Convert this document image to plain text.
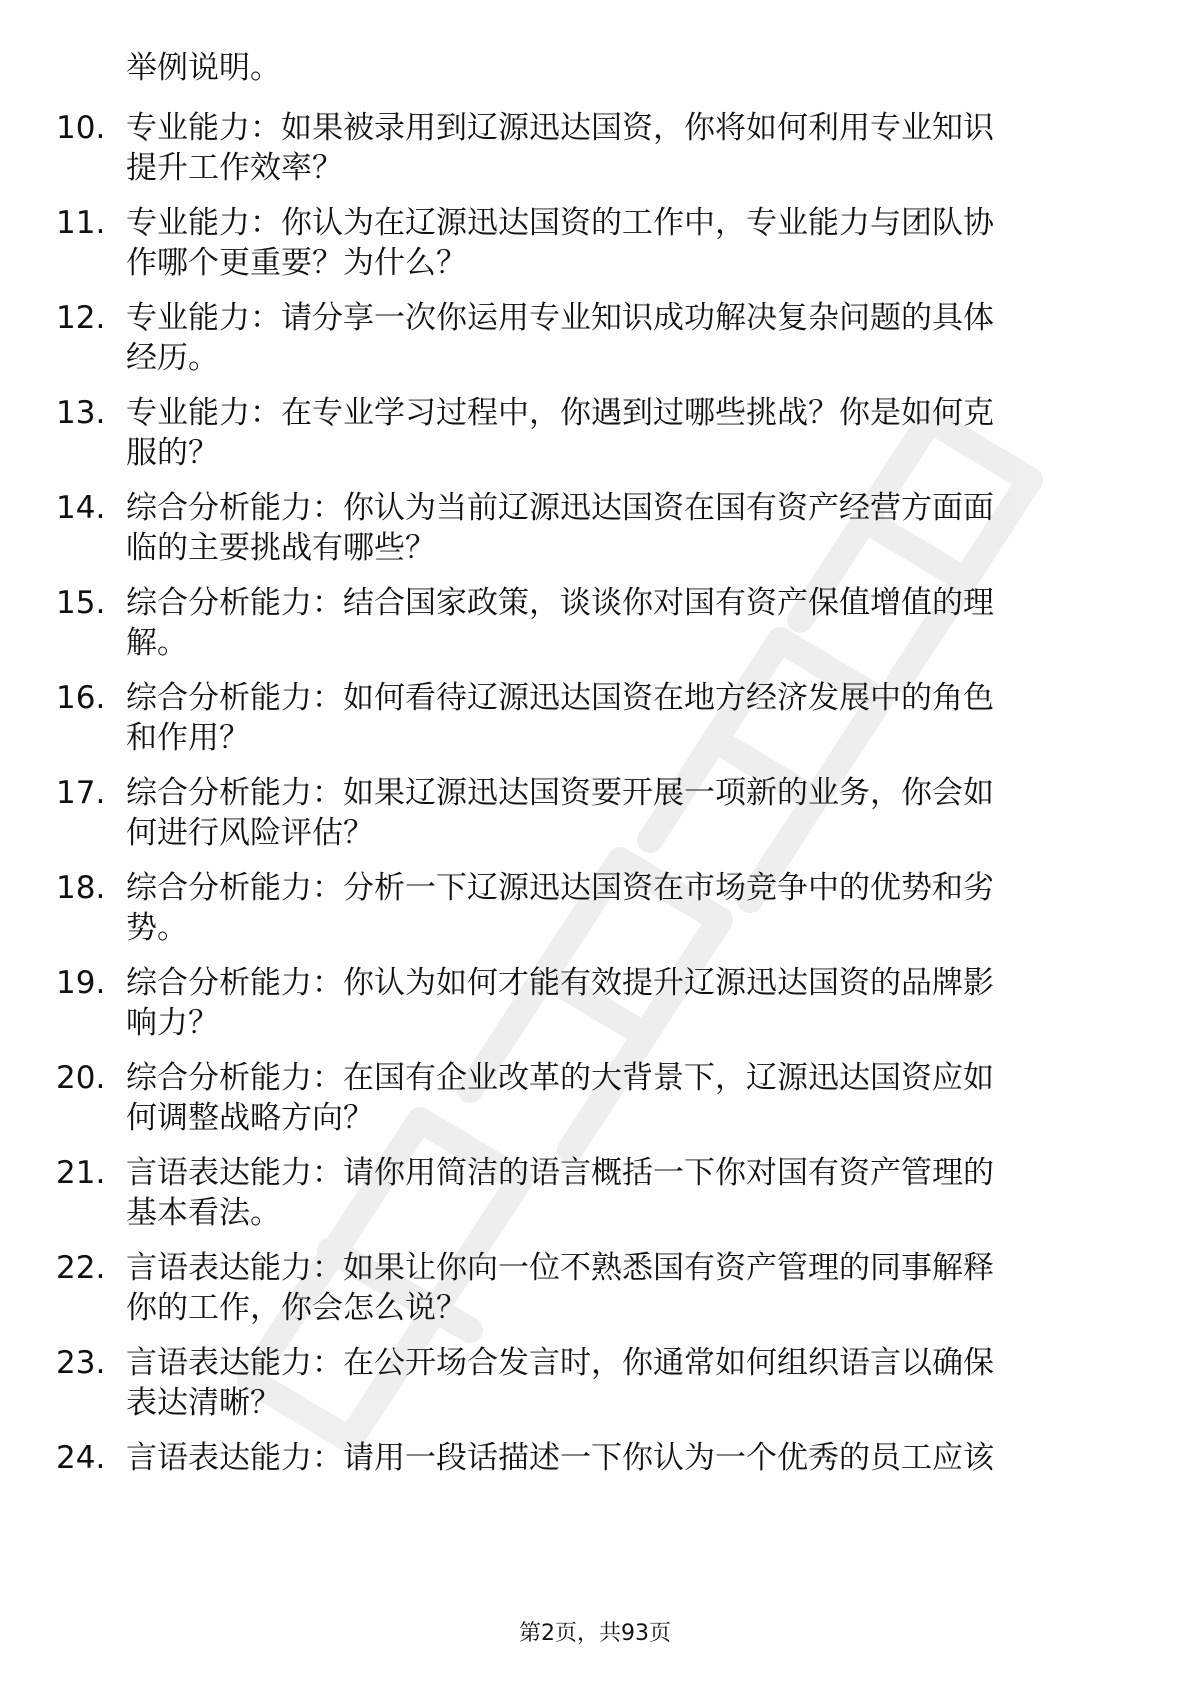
举例说明。
10. 专业能力：如果被录用到辽源迅达国资，你将如何利用专业知识
提升工作效率？
11. 专业能力：你认为在辽源迅达国资的工作中，专业能力与团队协
作哪个更重要？为什么？
12. 专业能力：请分享一次你运用专业知识成功解决复杂问题的具体
经历。
13. 专业能力：在专业学习过程中，你遇到过哪些挑战？你是如何克
服的？
14. 综合分析能力：你认为当前辽源迅达国资在国有资产经营方面面
临的主要挑战有哪些？
15. 综合分析能力：结合国家政策，谈谈你对国有资产保值增值的理
解。
16. 综合分析能力：如何看待辽源迅达国资在地方经济发展中的角色
和作用？
17. 综合分析能力：如果辽源迅达国资要开展一项新的业务，你会如
何进行风险评估？
18. 综合分析能力：分析一下辽源迅达国资在市场竞争中的优势和劣
势。
19. 综合分析能力：你认为如何才能有效提升辽源迅达国资的品牌影
响力？
20. 综合分析能力：在国有企业改革的大背景下，辽源迅达国资应如
何调整战略方向？
21. 言语表达能力：请你用简洁的语言概括一下你对国有资产管理的
基本看法。
22. 言语表达能力：如果让你向一位不熟悉国有资产管理的同事解释
你的工作，你会怎么说？
23. 言语表达能力：在公开场合发言时，你通常如何组织语言以确保
表达清晰？
24. 言语表达能力：请用一段话描述一下你认为一个优秀的员工应该
第2页，共93页
